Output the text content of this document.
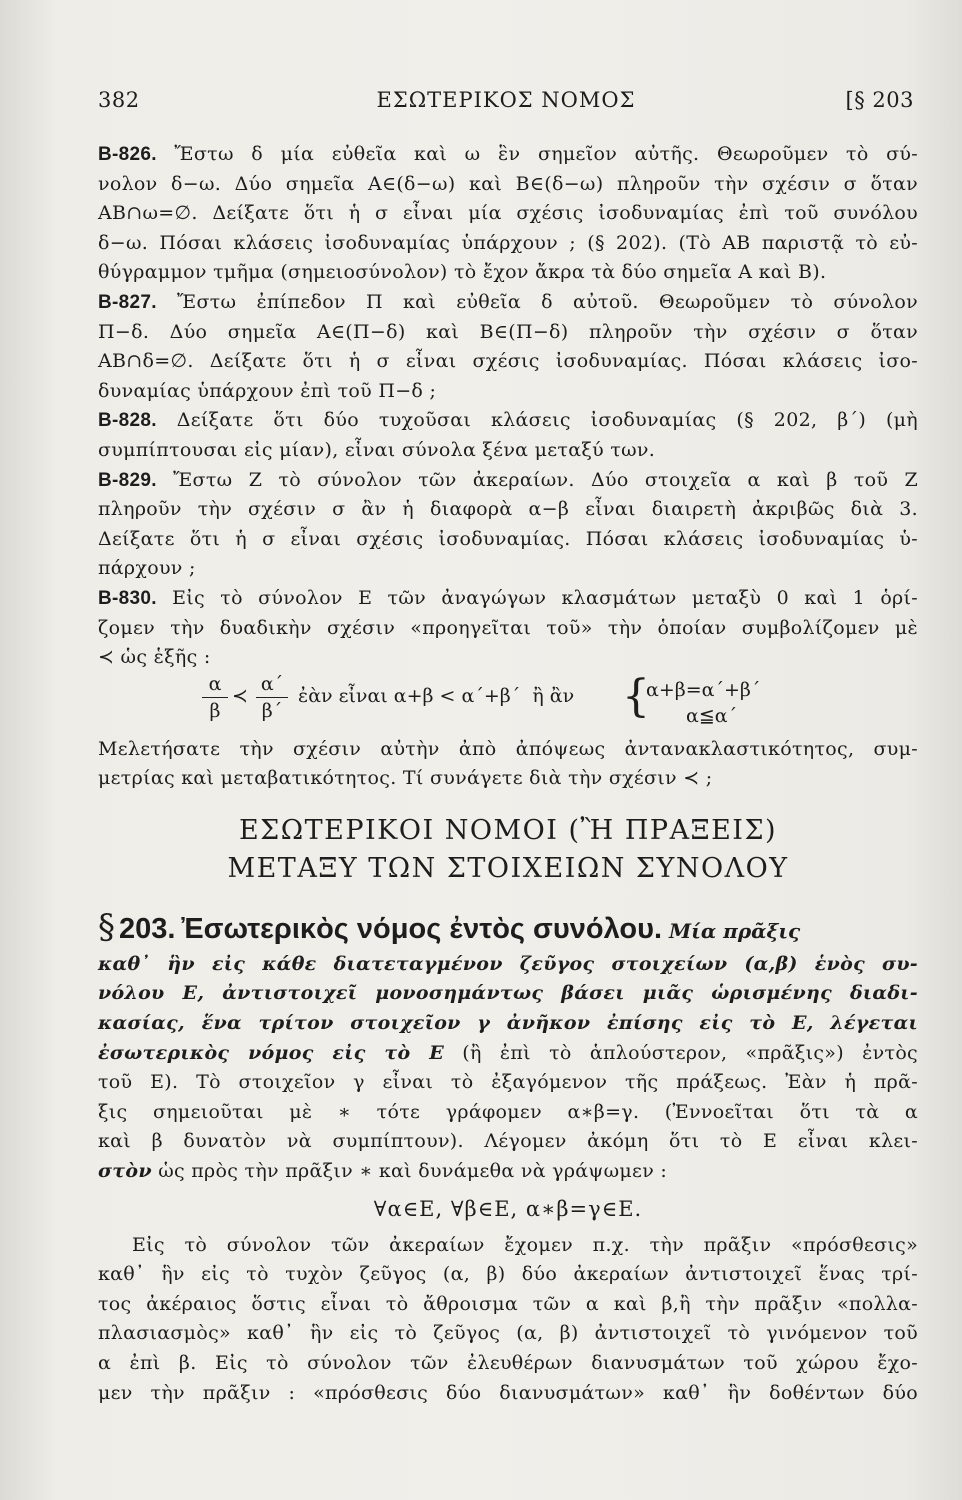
382	ΕΣΩΤΕΡΙΚΟΣ ΝΟΜΟΣ	[§ 203
B-826. Ἔστω δ μία εὐθεῖα καὶ ω ἓν σημεῖον αὐτῆς. Θεωροῦμεν τὸ σύ-
νολον δ−ω. Δύο σημεῖα A∈(δ−ω) καὶ B∈(δ−ω) πληροῦν τὴν σχέσιν σ ὅταν
AB∩ω=∅. Δείξατε ὅτι ἡ σ εἶναι μία σχέσις ἰσοδυναμίας ἐπὶ τοῦ συνόλου
δ−ω. Πόσαι κλάσεις ἰσοδυναμίας ὑπάρχουν ; (§ 202). (Τὸ AB παριστᾷ τὸ εὐ-
θύγραμμον τμῆμα (σημειοσύνολον) τὸ ἔχον ἄκρα τὰ δύο σημεῖα A καὶ B).
B-827. Ἔστω ἐπίπεδον Π καὶ εὐθεῖα δ αὐτοῦ. Θεωροῦμεν τὸ σύνολον
Π−δ. Δύο σημεῖα A∈(Π−δ) καὶ B∈(Π−δ) πληροῦν τὴν σχέσιν σ ὅταν
AB∩δ=∅. Δείξατε ὅτι ἡ σ εἶναι σχέσις ἰσοδυναμίας. Πόσαι κλάσεις ἰσο-
δυναμίας ὑπάρχουν ἐπὶ τοῦ Π−δ ;
B-828. Δείξατε ὅτι δύο τυχοῦσαι κλάσεις ἰσοδυναμίας (§ 202, β΄) (μὴ
συμπίπτουσαι εἰς μίαν), εἶναι σύνολα ξένα μεταξύ των.
B-829. Ἔστω Z τὸ σύνολον τῶν ἀκεραίων. Δύο στοιχεῖα α καὶ β τοῦ Z
πληροῦν τὴν σχέσιν σ ἂν ἡ διαφορὰ α−β εἶναι διαιρετὴ ἀκριβῶς διὰ 3.
Δείξατε ὅτι ἡ σ εἶναι σχέσις ἰσοδυναμίας. Πόσαι κλάσεις ἰσοδυναμίας ὑ-
πάρχουν ;
B-830. Εἰς τὸ σύνολον E τῶν ἀναγώγων κλασμάτων μεταξὺ 0 καὶ 1 ὁρί-
ζομεν τὴν δυαδικὴν σχέσιν «προηγεῖται τοῦ» τὴν ὁποίαν συμβολίζομεν μὲ
≺ ὡς ἑξῆς :
α
β
≺
α΄
β΄
ἐὰν εἶναι α+β < α΄+β΄  ἢ ἂν {
α+β=α΄+β΄
α≦α΄
Μελετήσατε τὴν σχέσιν αὐτὴν ἀπὸ ἀπόψεως ἀντανακλαστικότητος, συμ-
μετρίας καὶ μεταβατικότητος. Τί συνάγετε διὰ τὴν σχέσιν ≺ ;
ΕΣΩΤΕΡΙΚΟΙ ΝΟΜΟΙ (Ἢ ΠΡΑΞΕΙΣ)
ΜΕΤΑΞΥ ΤΩΝ ΣΤΟΙΧΕΙΩΝ ΣΥΝΟΛΟΥ
§ 203. Ἐσωτερικὸς νόμος ἐντὸς συνόλου. Μία πρᾶξις
καθ᾿ ἣν εἰς κάθε διατεταγμένον ζεῦγος στοιχείων (α,β) ἑνὸς συ-
νόλου E, ἀντιστοιχεῖ μονοσημάντως βάσει μιᾶς ὡρισμένης διαδι-
κασίας, ἕνα τρίτον στοιχεῖον γ ἀνῆκον ἐπίσης εἰς τὸ E, λέγεται
ἐσωτερικὸς νόμος εἰς τὸ E (ἢ ἐπὶ τὸ ἁπλούστερον, «πρᾶξις») ἐντὸς
τοῦ E). Τὸ στοιχεῖον γ εἶναι τὸ ἐξαγόμενον τῆς πράξεως. Ἐὰν ἡ πρᾶ-
ξις σημειοῦται μὲ ∗ τότε γράφομεν α∗β=γ. (Ἐννοεῖται ὅτι τὰ α
καὶ β δυνατὸν νὰ συμπίπτουν). Λέγομεν ἀκόμη ὅτι τὸ E εἶναι κλει-
στὸν ὡς πρὸς τὴν πρᾶξιν ∗ καὶ δυνάμεθα νὰ γράψωμεν :
∀α∈E, ∀β∈E, α∗β=γ∈E.
Εἰς τὸ σύνολον τῶν ἀκεραίων ἔχομεν π.χ. τὴν πρᾶξιν «πρόσθεσις»
καθ᾿ ἣν εἰς τὸ τυχὸν ζεῦγος (α, β) δύο ἀκεραίων ἀντιστοιχεῖ ἕνας τρί-
τος ἀκέραιος ὅστις εἶναι τὸ ἄθροισμα τῶν α καὶ β,ἢ τὴν πρᾶξιν «πολλα-
πλασιασμὸς» καθ᾿ ἣν εἰς τὸ ζεῦγος (α, β) ἀντιστοιχεῖ τὸ γινόμενον τοῦ
α ἐπὶ β. Εἰς τὸ σύνολον τῶν ἐλευθέρων διανυσμάτων τοῦ χώρου ἔχο-
μεν τὴν πρᾶξιν : «πρόσθεσις δύο διανυσμάτων» καθ᾿ ἣν δοθέντων δύο
